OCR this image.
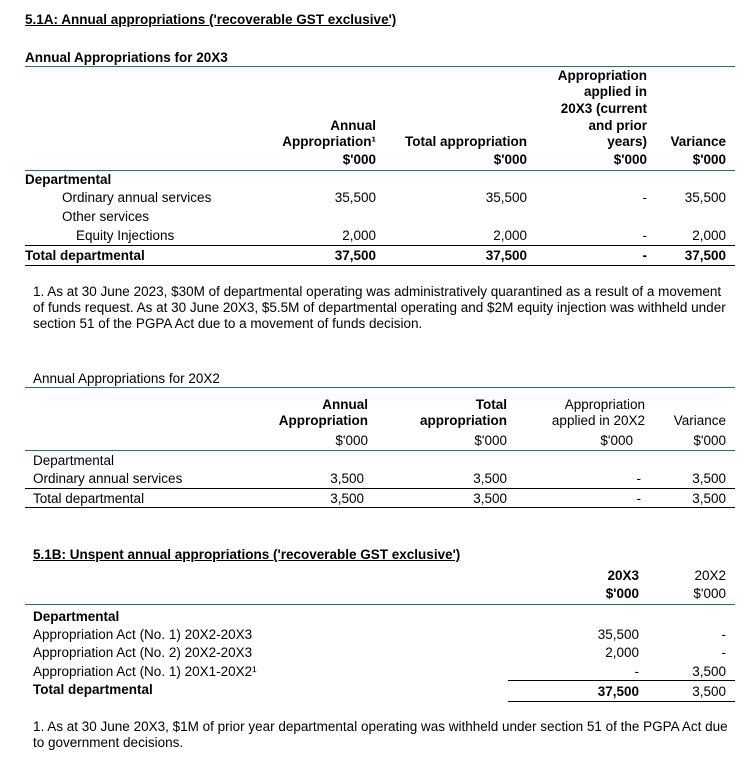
5.1A: Annual appropriations ('recoverable GST exclusive')
Annual Appropriations for 20X3
Annual
Appropriation¹
$'000
Total appropriation
$'000
Appropriation
applied in
20X3 (current
and prior
years)
$'000
Variance
$'000
Departmental
Ordinary annual services	35,500	35,500	-	35,500
Other services
Equity Injections	2,000	2,000	-	2,000
Total departmental	37,500	37,500	-	37,500
1. As at 30 June 2023, $30M of departmental operating was administratively quarantined as a result of a movement of funds request. As at 30 June 20X3, $5.5M of departmental operating and $2M equity injection was withheld under section 51 of the PGPA Act due to a movement of funds decision.
Annual Appropriations for 20X2
Annual
Appropriation
$'000
Total
appropriation
$'000
Appropriation
applied in 20X2
$'000
Variance
$'000
Departmental
Ordinary annual services	3,500	3,500	-	3,500
Total departmental	3,500	3,500	-	3,500
5.1B: Unspent annual appropriations ('recoverable GST exclusive')
20X3
$'000
20X2
$'000
Departmental
Appropriation Act (No. 1) 20X2-20X3	35,500	-
Appropriation Act (No. 2) 20X2-20X3	2,000	-
Appropriation Act (No. 1) 20X1-20X2¹	-	3,500
Total departmental	37,500	3,500
1. As at 30 June 20X3, $1M of prior year departmental operating was withheld under section 51 of the PGPA Act due to government decisions.
